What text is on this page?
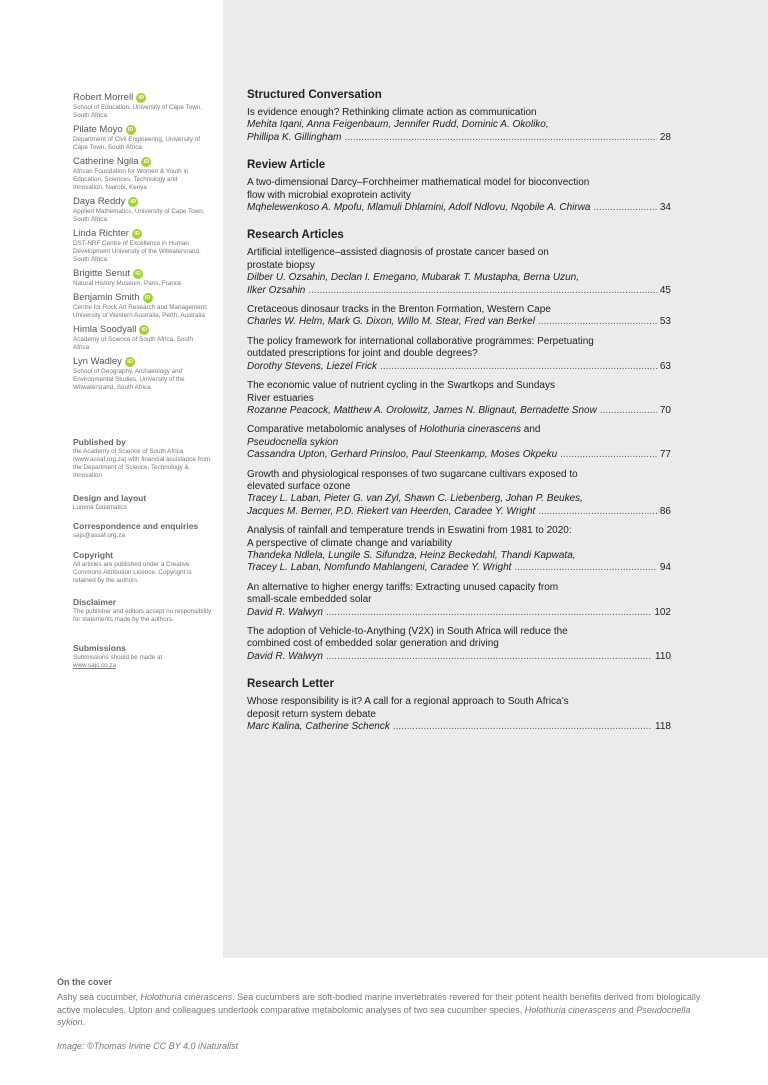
Robert Morrell iD
School of Education, University of Cape Town, South Africa
Pilate Moyo iD
Department of Civil Engineering, University of Cape Town, South Africa
Catherine Ngila iD
African Foundation for Women & Youth in Education, Sciences, Technology and Innovation, Nairobi, Kenya
Daya Reddy iD
Applied Mathematics, University of Cape Town, South Africa
Linda Richter iD
DST-NRF Centre of Excellence in Human Development University of the Witwatersrand, South Africa
Brigitte Senut iD
Natural History Museum, Paris, France
Benjamin Smith iD
Centre for Rock Art Research and Management, University of Western Australia, Perth, Australia
Himla Soodyall iD
Academy of Science of South Africa, South Africa
Lyn Wadley iD
School of Geography, Archaeology and Environmental Studies, University of the Witwatersrand, South Africa
Published by
the Academy of Science of South Africa (www.assaf.org.za) with financial assistance from the Department of Science, Technology & Innovation
Design and layout
Lumina Datamatics
Correspondence and enquiries
sajs@assaf.org.za
Copyright
All articles are published under a Creative Commons Attribution Licence. Copyright is retained by the authors.
Disclaimer
The publisher and editors accept no responsibility for statements made by the authors.
Submissions
Submissions should be made at
www.sajs.co.za
Structured Conversation
Is evidence enough? Rethinking climate action as communication
Mehita Iqani, Anna Feigenbaum, Jennifer Rudd, Dominic A. Okoliko,
Phillipa K. Gillingham .....	28
Review Article
A two-dimensional Darcy–Forchheimer mathematical model for bioconvection
flow with microbial exoprotein activity
Mqhelewenkoso A. Mpofu, Mlamuli Dhlamini, Adolf Ndlovu, Nqobile A. Chirwa .....	34
Research Articles
Artificial intelligence–assisted diagnosis of prostate cancer based on
prostate biopsy
Dilber U. Ozsahin, Declan I. Emegano, Mubarak T. Mustapha, Berna Uzun,
Ilker Ozsahin .....	45
Cretaceous dinosaur tracks in the Brenton Formation, Western Cape
Charles W. Helm, Mark G. Dixon, Willo M. Stear, Fred van Berkel .....	53
The policy framework for international collaborative programmes: Perpetuating
outdated prescriptions for joint and double degrees?
Dorothy Stevens, Liezel Frick .....	63
The economic value of nutrient cycling in the Swartkops and Sundays
River estuaries
Rozanne Peacock, Matthew A. Orolowitz, James N. Blignaut, Bernadette Snow .....	70
Comparative metabolomic analyses of Holothuria cinerascens and
Pseudocnella sykion
Cassandra Upton, Gerhard Prinsloo, Paul Steenkamp, Moses Okpeku .....	77
Growth and physiological responses of two sugarcane cultivars exposed to
elevated surface ozone
Tracey L. Laban, Pieter G. van Zyl, Shawn C. Liebenberg, Johan P. Beukes,
Jacques M. Berner, P.D. Riekert van Heerden, Caradee Y. Wright .....	86
Analysis of rainfall and temperature trends in Eswatini from 1981 to 2020:
A perspective of climate change and variability
Thandeka Ndlela, Lungile S. Sifundza, Heinz Beckedahl, Thandi Kapwata,
Tracey L. Laban, Nomfundo Mahlangeni, Caradee Y. Wright .....	94
An alternative to higher energy tariffs: Extracting unused capacity from
small-scale embedded solar
David R. Walwyn .....	102
The adoption of Vehicle-to-Anything (V2X) in South Africa will reduce the
combined cost of embedded solar generation and driving
David R. Walwyn .....	110
Research Letter
Whose responsibility is it? A call for a regional approach to South Africa’s
deposit return system debate
Marc Kalina, Catherine Schenck .....	118
On the cover
Ashy sea cucumber, Holothuria cinerascens. Sea cucumbers are soft-bodied marine invertebrates revered for their potent health benefits derived from biologically active molecules. Upton and colleagues undertook comparative metabolomic analyses of two sea cucumber species, Holothuria cinerascens and Pseudocnella sykion.
Image: ©Thomas Irvine CC BY 4.0 iNaturalist
